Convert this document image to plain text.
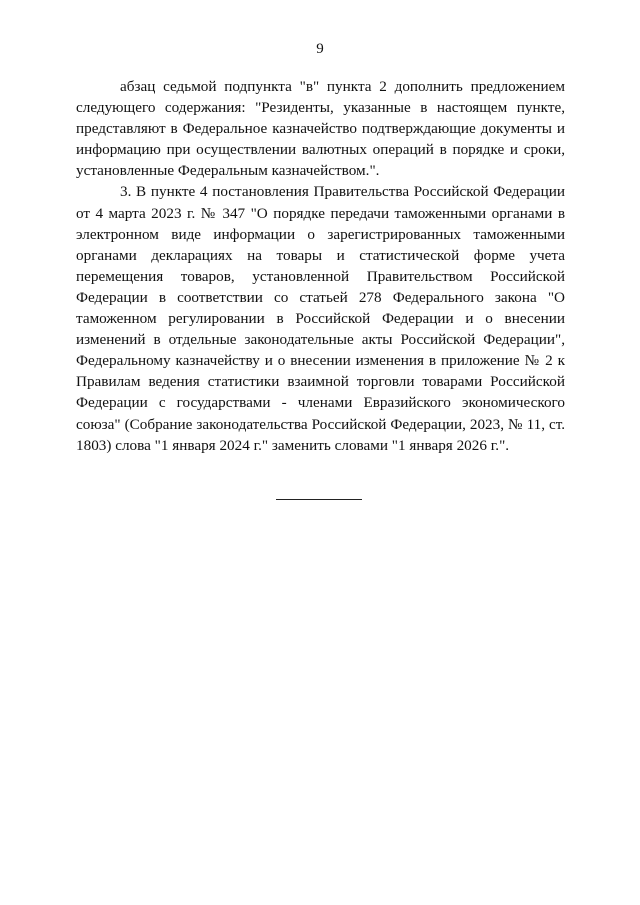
9

абзац седьмой подпункта "в" пункта 2 дополнить предложением следующего содержания: "Резиденты, указанные в настоящем пункте, представляют в Федеральное казначейство подтверждающие документы и информацию при осуществлении валютных операций в порядке и сроки, установленные Федеральным казначейством.".

3. В пункте 4 постановления Правительства Российской Федерации от 4 марта 2023 г. № 347 "О порядке передачи таможенными органами в электронном виде информации о зарегистрированных таможенными органами декларациях на товары и статистической форме учета перемещения товаров, установленной Правительством Российской Федерации в соответствии со статьей 278 Федерального закона "О таможенном регулировании в Российской Федерации и о внесении изменений в отдельные законодательные акты Российской Федерации", Федеральному казначейству и о внесении изменения в приложение № 2 к Правилам ведения статистики взаимной торговли товарами Российской Федерации с государствами - членами Евразийского экономического союза" (Собрание законодательства Российской Федерации, 2023, № 11, ст. 1803) слова "1 января 2024 г." заменить словами "1 января 2026 г.".
